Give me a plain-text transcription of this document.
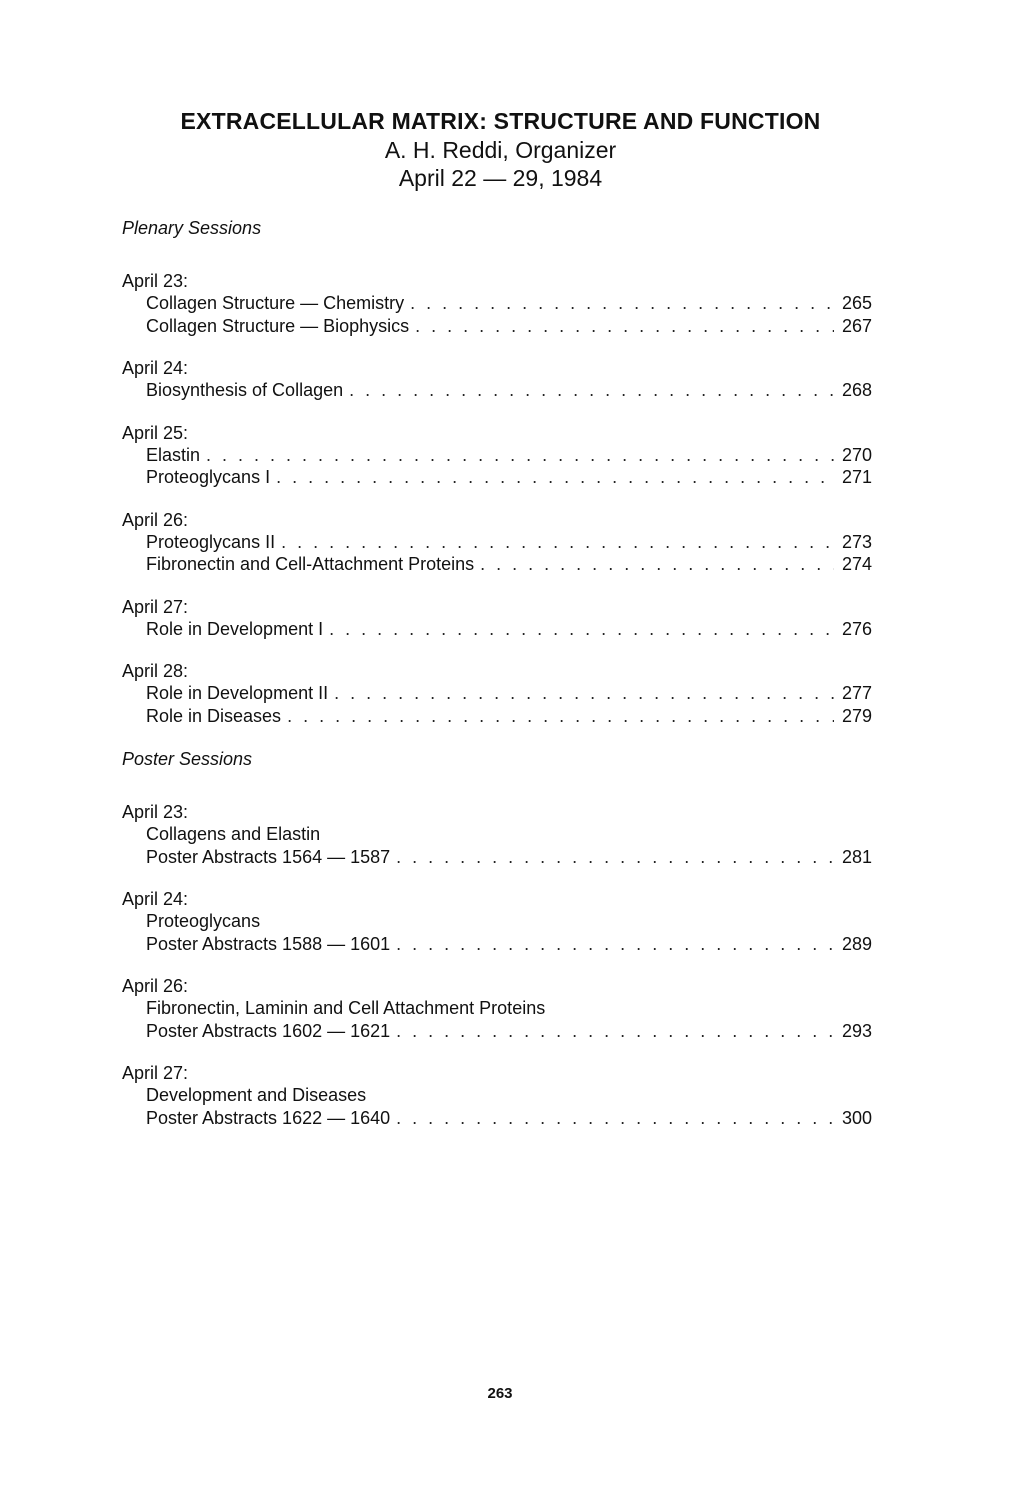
EXTRACELLULAR MATRIX: STRUCTURE AND FUNCTION
A. H. Reddi, Organizer
April 22 — 29, 1984
Plenary Sessions
April 23:
Collagen Structure — Chemistry . . .	265
Collagen Structure — Biophysics . . .	267
April 24:
Biosynthesis of Collagen . . .	268
April 25:
Elastin . . .	270
Proteoglycans I . . .	271
April 26:
Proteoglycans II . . .	273
Fibronectin and Cell-Attachment Proteins . . .	274
April 27:
Role in Development I . . .	276
April 28:
Role in Development II . . .	277
Role in Diseases . . .	279
Poster Sessions
April 23:
Collagens and Elastin
Poster Abstracts 1564 — 1587 . . .	281
April 24:
Proteoglycans
Poster Abstracts 1588 — 1601 . . .	289
April 26:
Fibronectin, Laminin and Cell Attachment Proteins
Poster Abstracts 1602 — 1621 . . .	293
April 27:
Development and Diseases
Poster Abstracts 1622 — 1640 . . .	300
263
